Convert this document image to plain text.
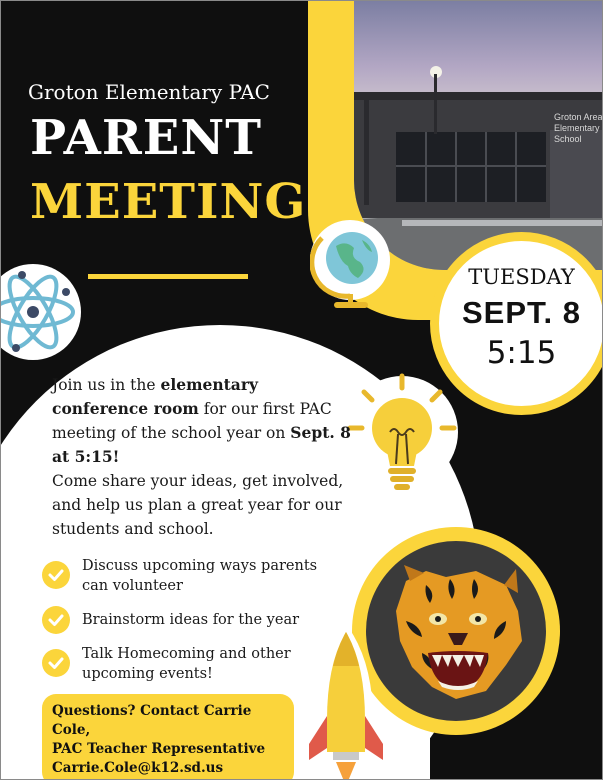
Groton Area
Elementary
School
Groton Elementary PAC
PARENT
MEETING
TUESDAY
SEPT. 8
5:15
Join us in the elementary conference room for our first PAC meeting of the school year on Sept. 8 at 5:15!
Come share your ideas, get involved, and help us plan a great year for our students and school.
Discuss upcoming ways parents can volunteer
Brainstorm ideas for the year
Talk Homecoming and other upcoming events!
Questions? Contact Carrie Cole,
PAC Teacher Representative
Carrie.Cole@k12.sd.us
